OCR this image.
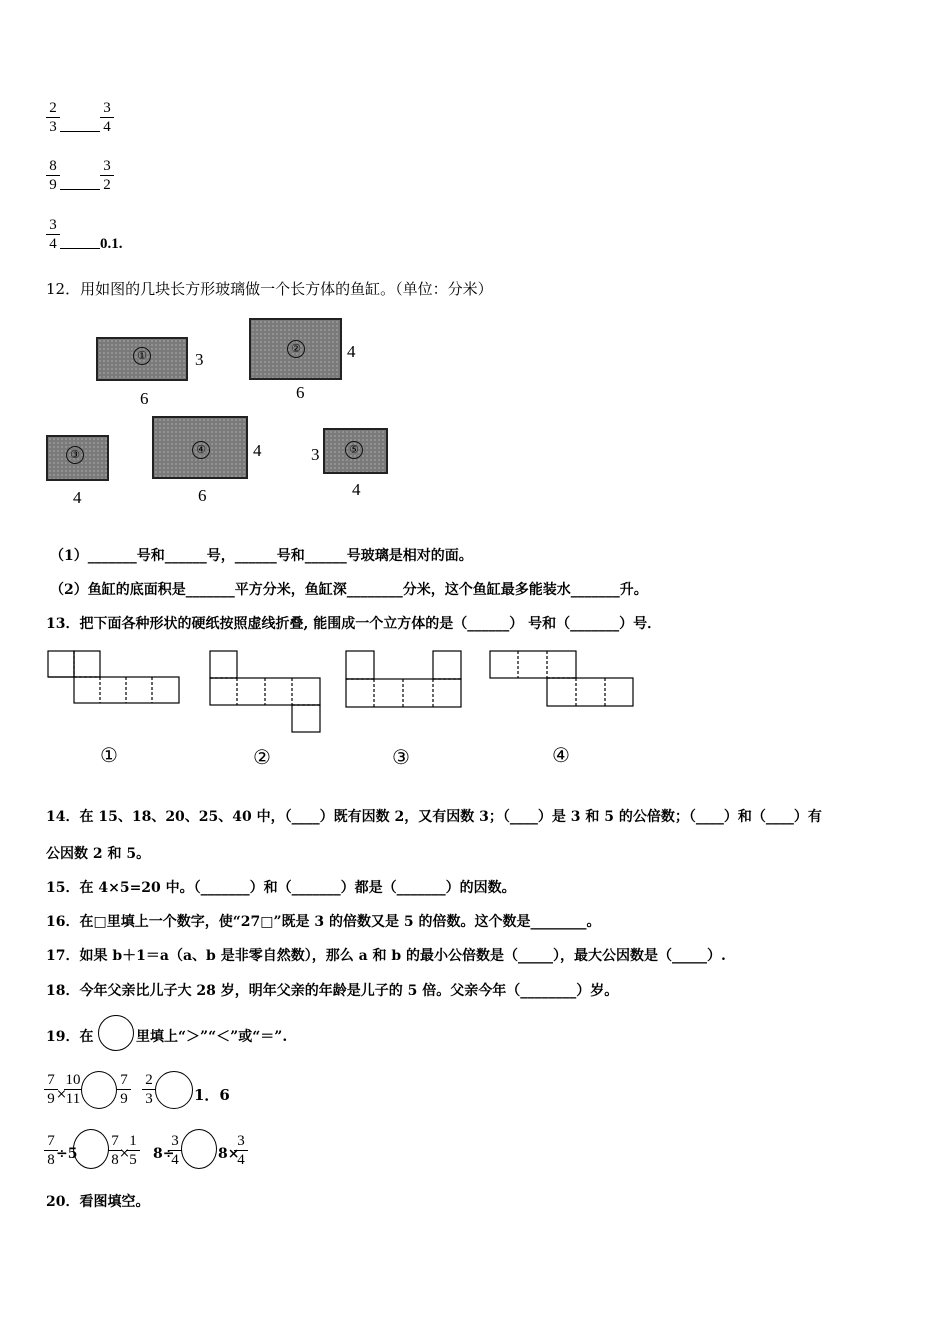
2
3
3
4
8
9
3
2
3
4	0.1.
12．用如图的几块长方形玻璃做一个长方体的鱼缸。（单位：分米）
①	3
6
②	4
6
③
4
④	4
6
⑤
3
4
（1）_______号和______号，______号和______号玻璃是相对的面。
（2）鱼缸的底面积是_______平方分米，鱼缸深________分米，这个鱼缸最多能装水_______升。
13．把下面各种形状的硬纸按照虚线折叠, 能围成一个立方体的是（______） 号和（_______）号．
①	②	③	④
14．在 15、18、20、25、40 中，（____）既有因数 2，又有因数 3；（____）是 3 和 5 的公倍数；（____）和（____）有
公因数 2 和 5。
15．在 4×5=20 中。（_______）和（_______）都是（_______）的因数。
16．在□里填上一个数字，使“27□”既是 3 的倍数又是 5 的倍数。这个数是________。
17．如果 b＋1＝a（a、b 是非零自然数），那么 a 和 b 的最小公倍数是（_____），最大公因数是（_____）.
18．今年父亲比儿子大 28 岁，明年父亲的年龄是儿子的 5 倍。父亲今年（________）岁。
19．在	里填上“＞”“＜”或“＝”.
7
9 ×
10
11
7
9
2
3	1．6
7
8 ÷5
7
8 ×
1
5 8÷
3
4	8×
3
4
20．看图填空。
